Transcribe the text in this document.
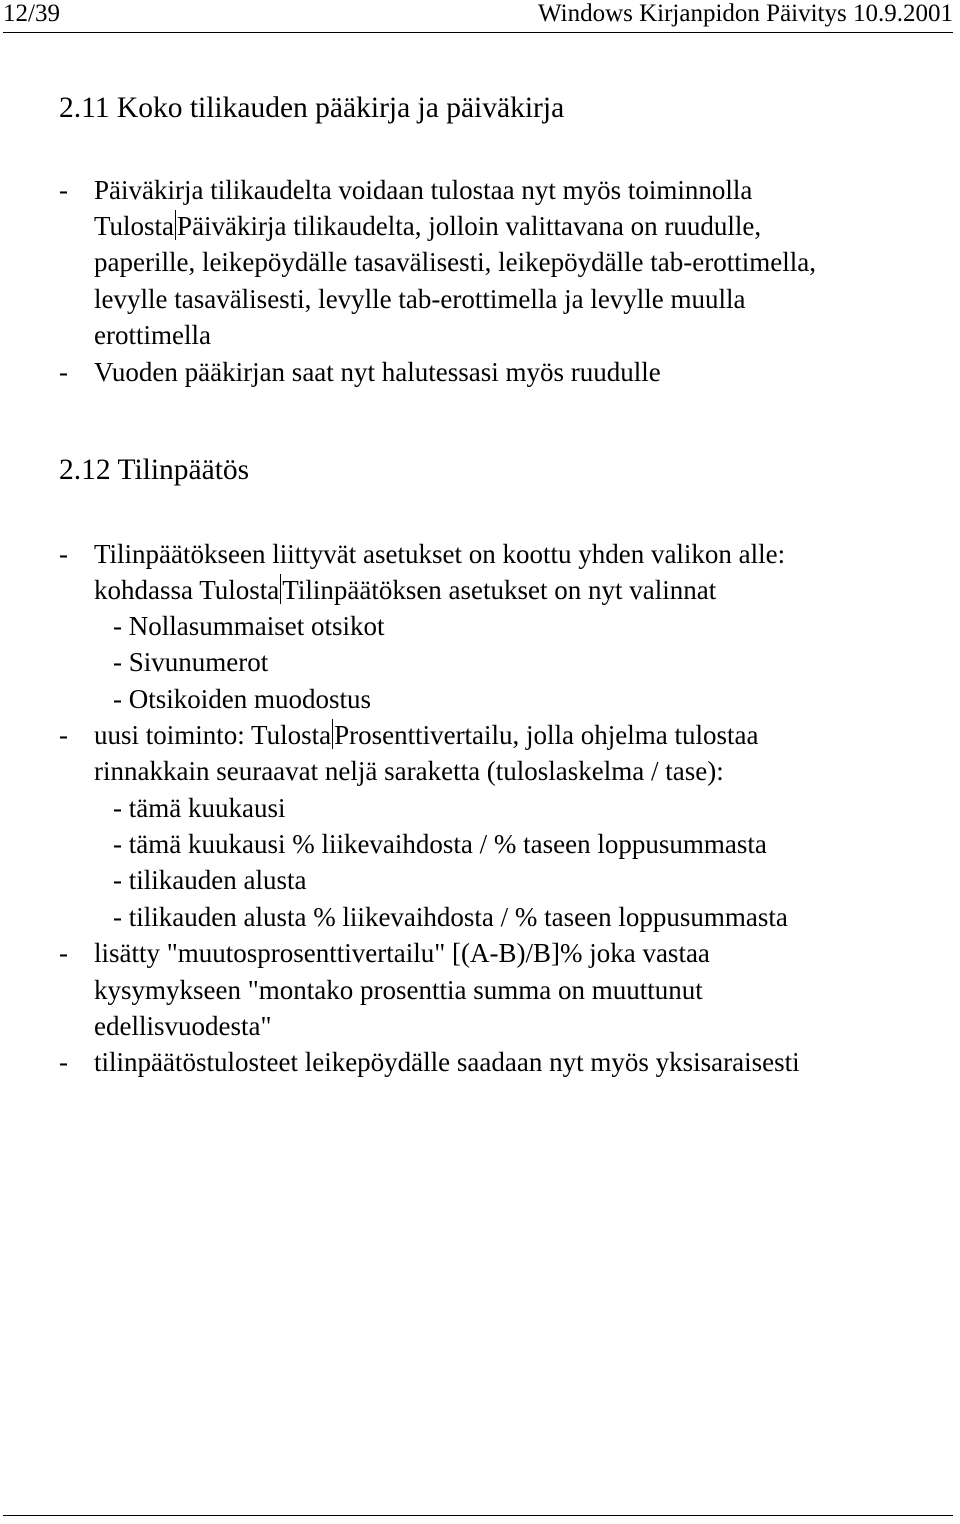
12/39	Windows Kirjanpidon Päivitys 10.9.2001
2.11 Koko tilikauden pääkirja ja päiväkirja
- Päiväkirja tilikaudelta voidaan tulostaa nyt myös toiminnolla
Tulosta Päiväkirja tilikaudelta, jolloin valittavana on ruudulle,
paperille, leikepöydälle tasavälisesti, leikepöydälle tab-erottimella,
levylle tasavälisesti, levylle tab-erottimella ja levylle muulla
erottimella
- Vuoden pääkirjan saat nyt halutessasi myös ruudulle
2.12 Tilinpäätös
- Tilinpäätökseen liittyvät asetukset on koottu yhden valikon alle:
kohdassa Tulosta Tilinpäätöksen asetukset on nyt valinnat
- Nollasummaiset otsikot
- Sivunumerot
- Otsikoiden muodostus
- uusi toiminto: Tulosta Prosenttivertailu, jolla ohjelma tulostaa
rinnakkain seuraavat neljä saraketta (tuloslaskelma / tase):
- tämä kuukausi
- tämä kuukausi % liikevaihdosta / % taseen loppusummasta
- tilikauden alusta
- tilikauden alusta % liikevaihdosta / % taseen loppusummasta
- lisätty "muutosprosenttivertailu" [(A-B)/B]% joka vastaa
kysymykseen "montako prosenttia summa on muuttunut
edellisvuodesta"
- tilinpäätöstulosteet leikepöydälle saadaan nyt myös yksisaraisesti
